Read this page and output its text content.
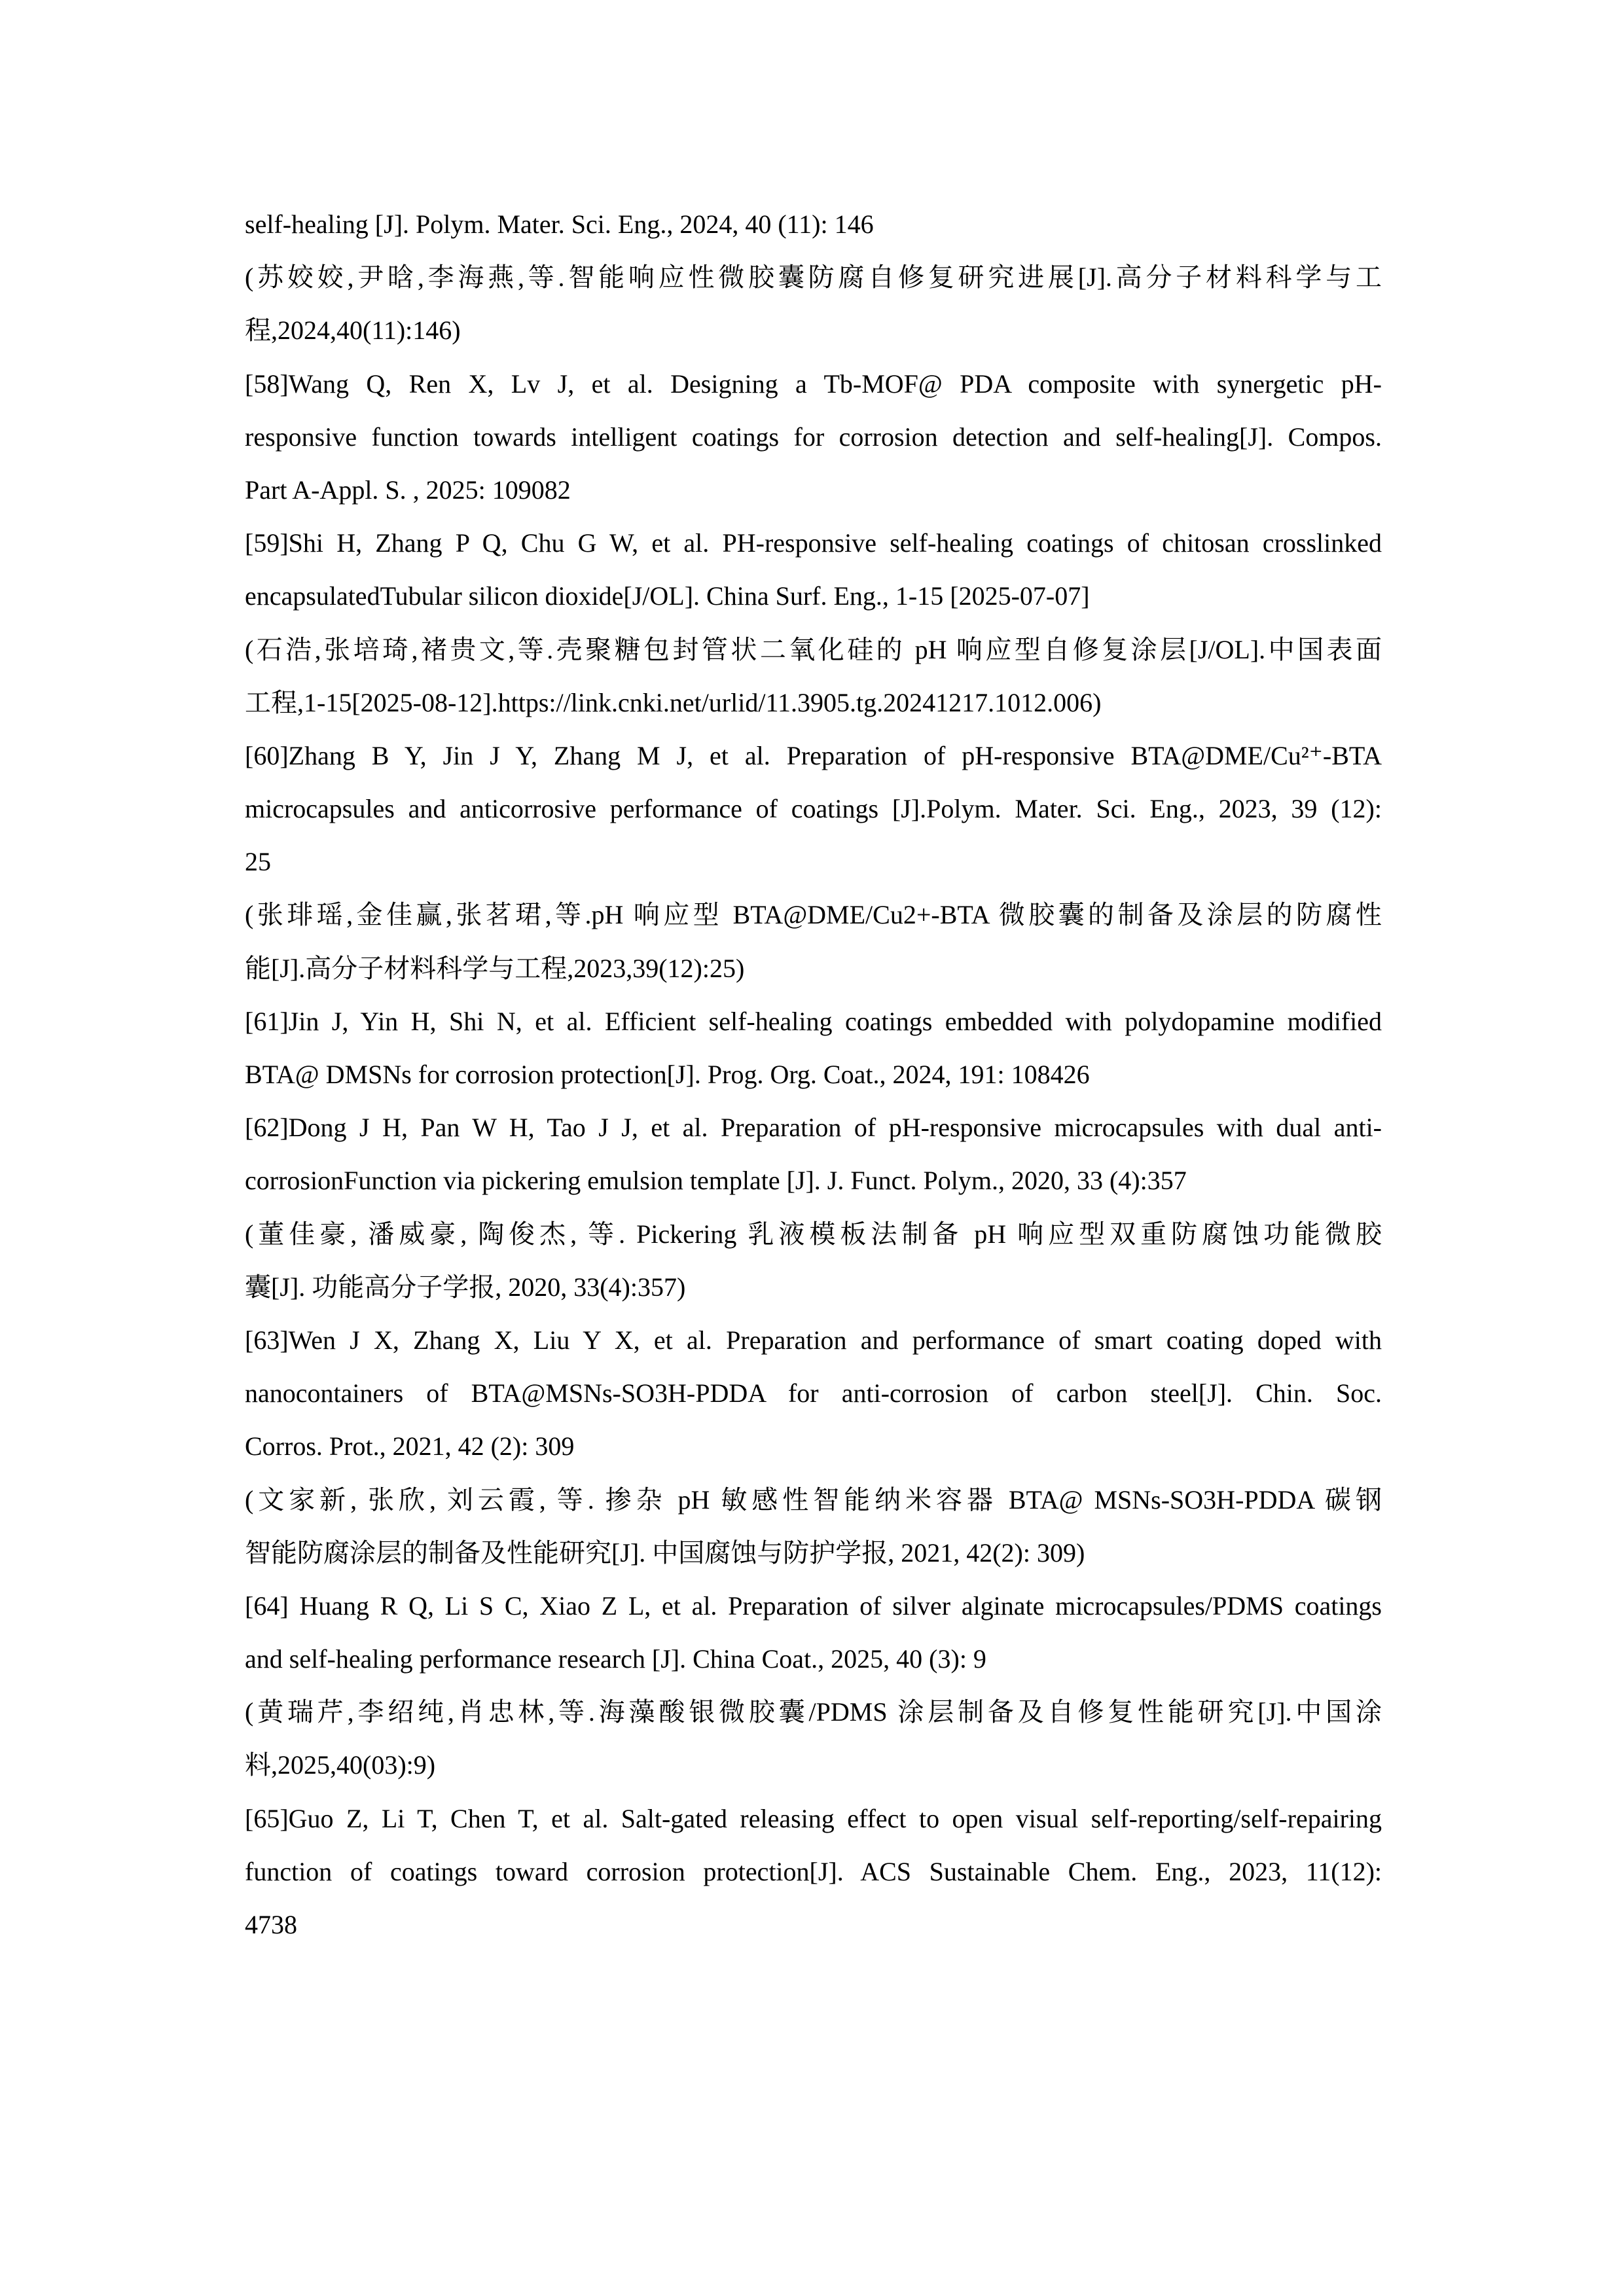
self-healing [J]. Polym. Mater. Sci. Eng., 2024, 40 (11): 146
(苏姣姣,尹晗,李海燕,等.智能响应性微胶囊防腐自修复研究进展[J].高分子材料科学与工
程,2024,40(11):146)
[58]Wang Q, Ren X, Lv J, et al. Designing a Tb-MOF@ PDA composite with synergetic pH-
responsive function towards intelligent coatings for corrosion detection and self-healing[J]. Compos.
Part A-Appl. S. , 2025: 109082
[59]Shi H, Zhang P Q, Chu G W, et al. PH-responsive self-healing coatings of chitosan crosslinked
encapsulatedTubular silicon dioxide[J/OL]. China Surf. Eng., 1-15 [2025-07-07]
(石浩,张培琦,褚贵文,等.壳聚糖包封管状二氧化硅的 pH 响应型自修复涂层[J/OL].中国表面
工程,1-15[2025-08-12].https://link.cnki.net/urlid/11.3905.tg.20241217.1012.006)
[60]Zhang B Y, Jin J Y, Zhang M J, et al. Preparation of pH-responsive BTA@DME/Cu²⁺-BTA
microcapsules and anticorrosive performance of coatings [J].Polym. Mater. Sci. Eng., 2023, 39 (12):
25
(张琲瑶,金佳赢,张茗珺,等.pH 响应型 BTA@DME/Cu2+-BTA 微胶囊的制备及涂层的防腐性
能[J].高分子材料科学与工程,2023,39(12):25)
[61]Jin J, Yin H, Shi N, et al. Efficient self-healing coatings embedded with polydopamine modified
BTA@ DMSNs for corrosion protection[J]. Prog. Org. Coat., 2024, 191: 108426
[62]Dong J H, Pan W H, Tao J J, et al. Preparation of pH-responsive microcapsules with dual anti-
corrosionFunction via pickering emulsion template [J]. J. Funct. Polym., 2020, 33 (4):357
(董佳豪, 潘威豪, 陶俊杰, 等. Pickering 乳液模板法制备 pH 响应型双重防腐蚀功能微胶
囊[J]. 功能高分子学报, 2020, 33(4):357)
[63]Wen J X, Zhang X, Liu Y X, et al. Preparation and performance of smart coating doped with
nanocontainers of BTA@MSNs-SO3H-PDDA for anti-corrosion of carbon steel[J]. Chin. Soc.
Corros. Prot., 2021, 42 (2): 309
(文家新, 张欣, 刘云霞, 等. 掺杂 pH 敏感性智能纳米容器 BTA@ MSNs-SO3H-PDDA 碳钢
智能防腐涂层的制备及性能研究[J]. 中国腐蚀与防护学报, 2021, 42(2): 309)
[64] Huang R Q, Li S C, Xiao Z L, et al. Preparation of silver alginate microcapsules/PDMS coatings
and self-healing performance research [J]. China Coat., 2025, 40 (3): 9
(黄瑞芹,李绍纯,肖忠林,等.海藻酸银微胶囊/PDMS 涂层制备及自修复性能研究[J].中国涂
料,2025,40(03):9)
[65]Guo Z, Li T, Chen T, et al. Salt-gated releasing effect to open visual self-reporting/self-repairing
function of coatings toward corrosion protection[J]. ACS Sustainable Chem. Eng., 2023, 11(12):
4738
